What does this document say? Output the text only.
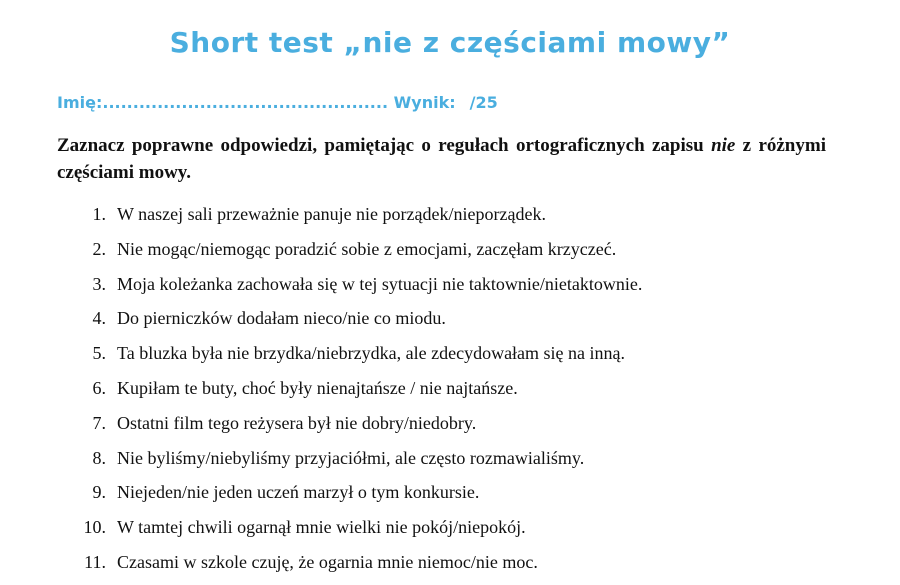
Short test „nie z częściami mowy”
Imię:............................................... Wynik: /25
Zaznacz poprawne odpowiedzi, pamiętając o regułach ortograficznych zapisu nie z różnymi częściami mowy.
1. W naszej sali przeważnie panuje nie porządek/nieporządek.
2. Nie mogąc/niemogąc poradzić sobie z emocjami, zaczęłam krzyczeć.
3. Moja koleżanka zachowała się w tej sytuacji nie taktownie/nietaktownie.
4. Do pierniczków dodałam nieco/nie co miodu.
5. Ta bluzka była nie brzydka/niebrzydka, ale zdecydowałam się na inną.
6. Kupiłam te buty, choć były nienajtańsze / nie najtańsze.
7. Ostatni film tego reżysera był nie dobry/niedobry.
8. Nie byliśmy/niebyliśmy przyjaciółmi, ale często rozmawialiśmy.
9. Niejeden/nie jeden uczeń marzył o tym konkursie.
10. W tamtej chwili ogarnął mnie wielki nie pokój/niepokój.
11. Czasami w szkole czuję, że ogarnia mnie niemoc/nie moc.
